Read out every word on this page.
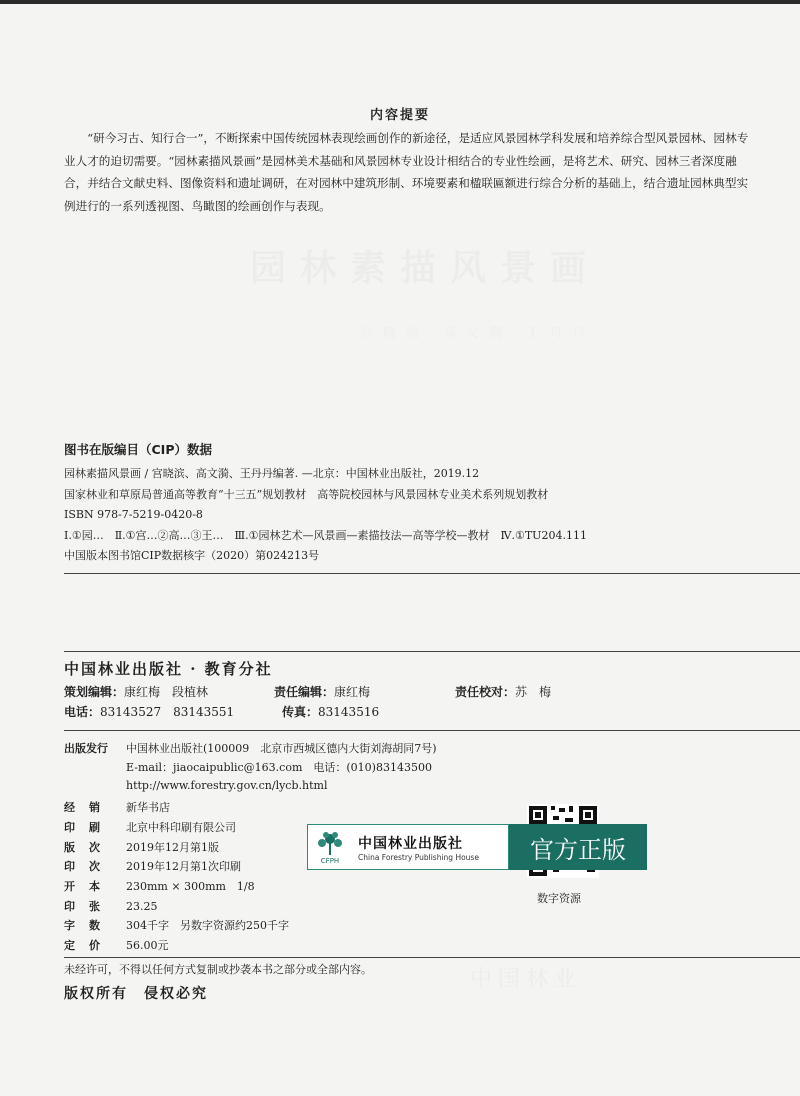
园林素描风景画
宫晓滨 高文漪 王丹丹
内容提要
“研今习古、知行合一”，不断探索中国传统园林表现绘画创作的新途径，是适应风景园林学科发展和培养综合型风景园林、园林专业人才的迫切需要。“园林素描风景画”是园林美术基础和风景园林专业设计相结合的专业性绘画，是将艺术、研究、园林三者深度融合，并结合文献史料、图像资料和遗址调研，在对园林中建筑形制、环境要素和楹联匾额进行综合分析的基础上，结合遗址园林典型实例进行的一系列透视图、鸟瞰图的绘画创作与表现。
图书在版编目（CIP）数据
园林素描风景画 / 宫晓滨、高文漪、王丹丹编著. —北京：中国林业出版社，2019.12
国家林业和草原局普通高等教育“十三五”规划教材　高等院校园林与风景园林专业美术系列规划教材
ISBN 978-7-5219-0420-8
Ⅰ.①园…　Ⅱ.①宫…②高…③王…　Ⅲ.①园林艺术—风景画—素描技法—高等学校—教材　Ⅳ.①TU204.111
中国版本图书馆CIP数据核字（2020）第024213号
中国林业出版社 · 教育分社
策划编辑：康红梅　段植林	责任编辑：康红梅	责任校对：苏　梅
电话：83143527　83143551	传真：83143516
出版发行 中国林业出版社(100009　北京市西城区德内大街刘海胡同7号)
E-mail：jiaocaipublic@163.com　电话：(010)83143500
http://www.forestry.gov.cn/lycb.html
经销 新华书店
印刷 北京中科印刷有限公司
版次 2019年12月第1版
印次 2019年12月第1次印刷
开本 230mm × 300mm　1/8
印张 23.25
字数 304千字　另数字资源约250千字
定价 56.00元
数字资源
CFPH
中国林业出版社
China Forestry Publishing House	官方正版
中国林业
未经许可，不得以任何方式复制或抄袭本书之部分或全部内容。
版权所有　侵权必究
